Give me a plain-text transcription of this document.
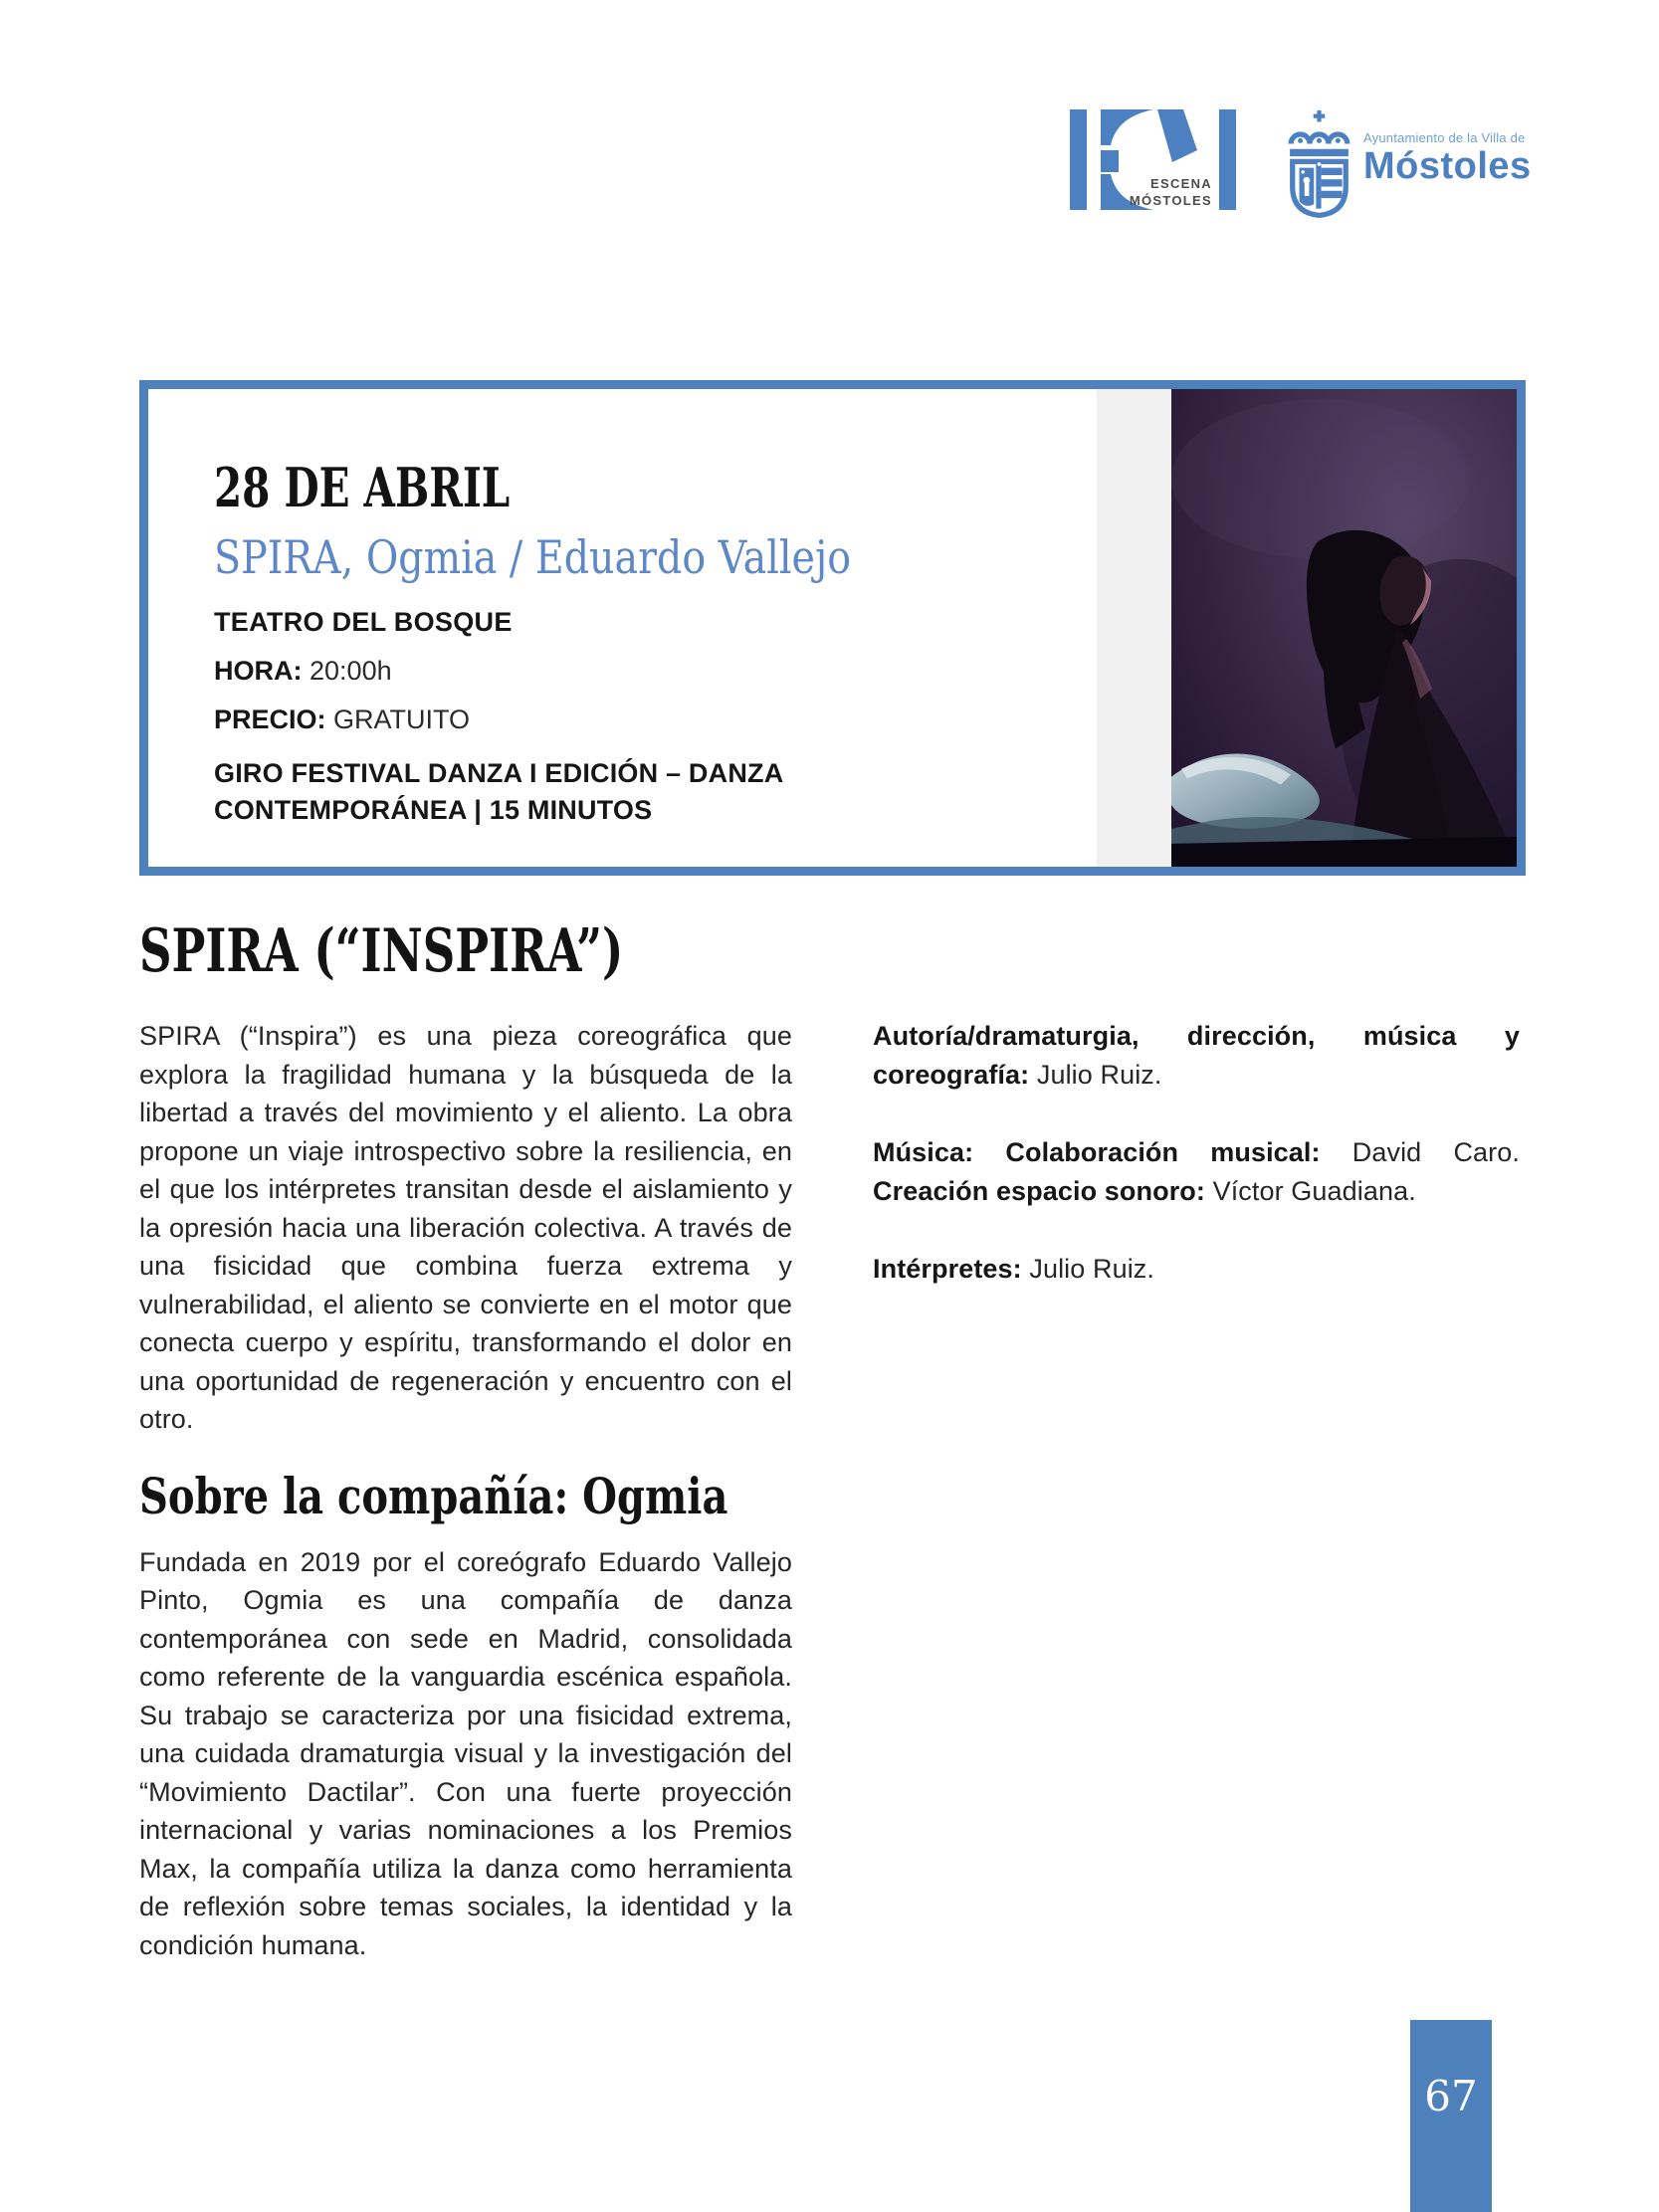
ESCENA
MÓSTOLES
Ayuntamiento de la Villa de
Móstoles
28 DE ABRIL
SPIRA, Ogmia / Eduardo Vallejo
TEATRO DEL BOSQUE
HORA: 20:00h
PRECIO: GRATUITO
GIRO FESTIVAL DANZA I EDICIÓN – DANZA CONTEMPORÁNEA | 15 MINUTOS
SPIRA (“INSPIRA”)

SPIRA (“Inspira”) es una pieza coreográfica que explora la fragilidad humana y la búsqueda de la libertad a través del movimiento y el aliento. La obra propone un viaje introspectivo sobre la resiliencia, en el que los intérpretes transitan desde el aislamiento y la opresión hacia una liberación colectiva. A través de una fisicidad que combina fuerza extrema y vulnerabilidad, el aliento se convierte en el motor que conecta cuerpo y espíritu, transformando el dolor en una oportunidad de regeneración y encuentro con el otro.

Sobre la compañía: Ogmia

Fundada en 2019 por el coreógrafo Eduardo Vallejo Pinto, Ogmia es una compañía de danza contemporánea con sede en Madrid, consolidada como referente de la vanguardia escénica española. Su trabajo se caracteriza por una fisicidad extrema, una cuidada dramaturgia visual y la investigación del “Movimiento Dactilar”. Con una fuerte proyección internacional y varias nominaciones a los Premios Max, la compañía utiliza la danza como herramienta de reflexión sobre temas sociales, la identidad y la condición humana.

Autoría/dramaturgia, dirección, música y coreografía: Julio Ruiz.

Música: Colaboración musical: David Caro. Creación espacio sonoro: Víctor Guadiana.

Intérpretes: Julio Ruiz.

67
